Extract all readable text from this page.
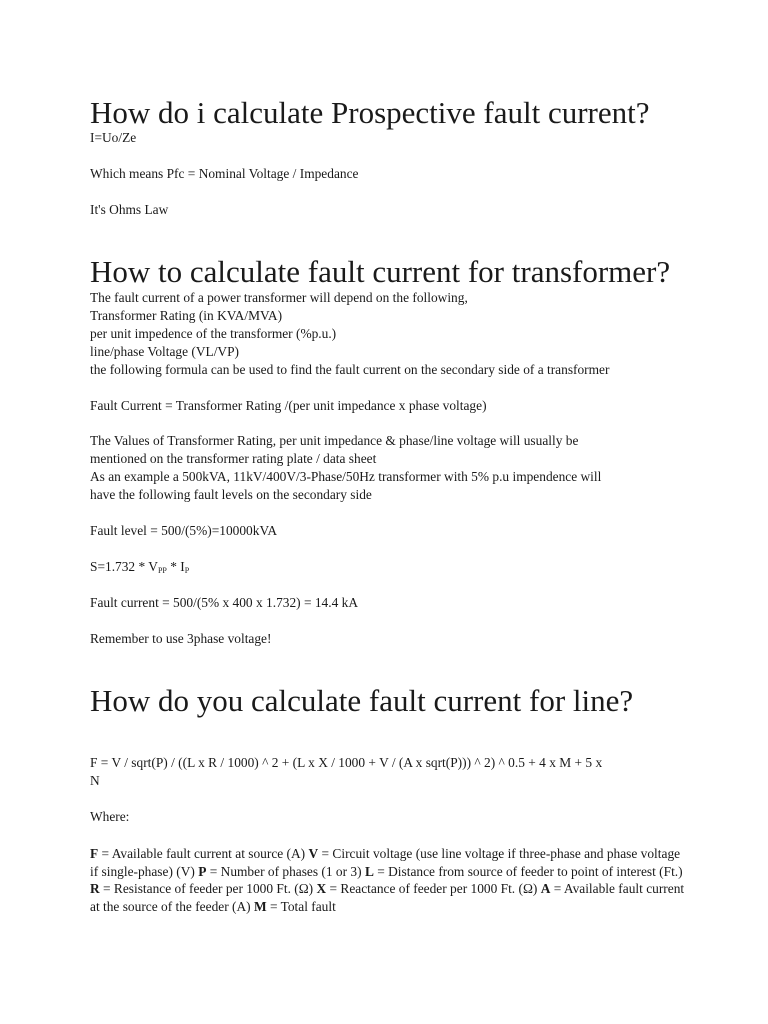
How do i calculate Prospective fault current?

I=Uo/Ze

Which means Pfc = Nominal Voltage / Impedance

It's Ohms Law

How to calculate fault current for transformer?

The fault current of a power transformer will depend on the following,

Transformer Rating (in KVA/MVA)

per unit impedence of the transformer (%p.u.)

line/phase Voltage (VL/VP)

the following formula can be used to find the fault current on the secondary side of a transformer

Fault Current = Transformer Rating /(per unit impedance x phase voltage)

The Values of Transformer Rating, per unit impedance & phase/line voltage will usually be

mentioned on the transformer rating plate / data sheet

As an example a 500kVA, 11kV/400V/3-Phase/50Hz transformer with 5% p.u impendence will

have the following fault levels on the secondary side

Fault level = 500/(5%)=10000kVA

$S=1.732 * V_{PP} * I_P$

Fault current = 500/(5% x 400 x 1.732) = 14.4 kA

Remember to use 3phase voltage!

How do you calculate fault current for line?

F = V / sqrt(P) / ((L x R / 1000) ^ 2 + (L x X / 1000 + V / (A x sqrt(P))) ^ 2) ^ 0.5 + 4 x M + 5 x

N

Where:

F = Available fault current at source (A) V = Circuit voltage (use line voltage if three-phase and phase voltage if single-phase) (V) P = Number of phases (1 or 3) L = Distance from source of feeder to point of interest (Ft.) R = Resistance of feeder per 1000 Ft. (Ω) X = Reactance of feeder per 1000 Ft. (Ω) A = Available fault current at the source of the feeder (A) M = Total fault
